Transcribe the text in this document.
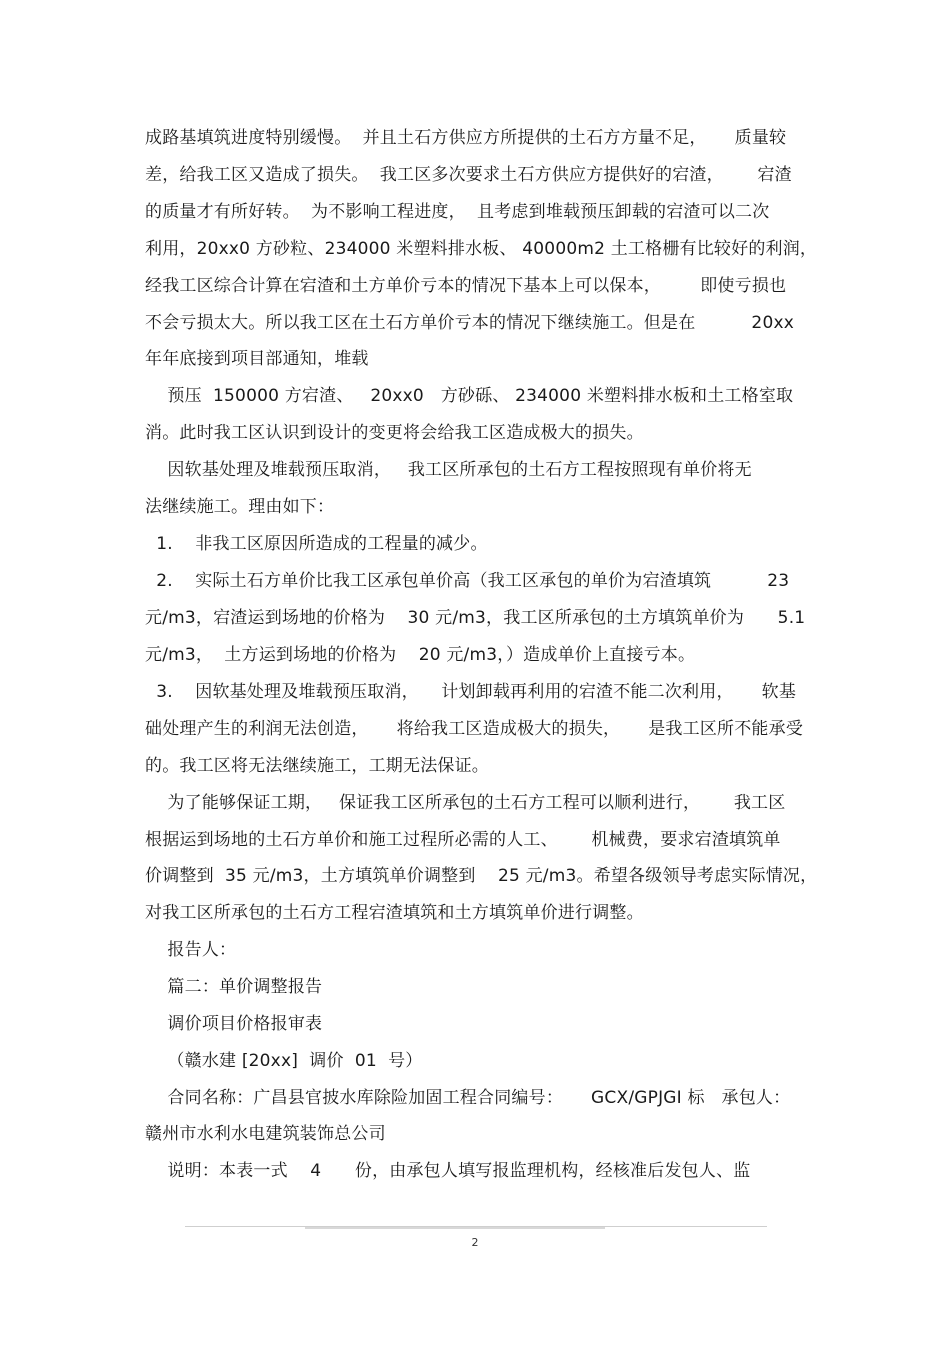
成路基填筑进度特别缓慢。  并且土石方供应方所提供的土石方方量不足，     质量较
差，给我工区又造成了损失。  我工区多次要求土石方供应方提供好的宕渣，      宕渣
的质量才有所好转。  为不影响工程进度，  且考虑到堆载预压卸载的宕渣可以二次
利用，20xx0 方砂粒、234000 米塑料排水板、 40000m2 土工格栅有比较好的利润，
经我工区综合计算在宕渣和土方单价亏本的情况下基本上可以保本，       即使亏损也
不会亏损太大。所以我工区在土石方单价亏本的情况下继续施工。但是在          20xx
年年底接到项目部通知，堆载
预压  150000 方宕渣、   20xx0   方砂砾、 234000 米塑料排水板和土工格室取
消。此时我工区认识到设计的变更将会给我工区造成极大的损失。
因软基处理及堆载预压取消，   我工区所承包的土石方工程按照现有单价将无
法继续施工。理由如下：
1.    非我工区原因所造成的工程量的减少。
2.    实际土石方单价比我工区承包单价高（我工区承包的单价为宕渣填筑          23
元/m3，宕渣运到场地的价格为    30 元/m3，我工区所承包的土方填筑单价为      5.1
元/m3，  土方运到场地的价格为    20 元/m3，）造成单价上直接亏本。
3.    因软基处理及堆载预压取消，    计划卸载再利用的宕渣不能二次利用，     软基
础处理产生的利润无法创造，     将给我工区造成极大的损失，     是我工区所不能承受
的。我工区将无法继续施工，工期无法保证。
为了能够保证工期，   保证我工区所承包的土石方工程可以顺利进行，      我工区
根据运到场地的土石方单价和施工过程所必需的人工、      机械费，要求宕渣填筑单
价调整到  35 元/m3，土方填筑单价调整到    25 元/m3。希望各级领导考虑实际情况，
对我工区所承包的土石方工程宕渣填筑和土方填筑单价进行调整。
报告人：
篇二：单价调整报告
调价项目价格报审表
（赣水建 [20xx]  调价  01  号）
合同名称：广昌县官披水库除险加固工程合同编号：     GCX/GPJGⅠ 标   承包人：
赣州市水利水电建筑装饰总公司
说明：本表一式    4      份，由承包人填写报监理机构，经核准后发包人、监
2
